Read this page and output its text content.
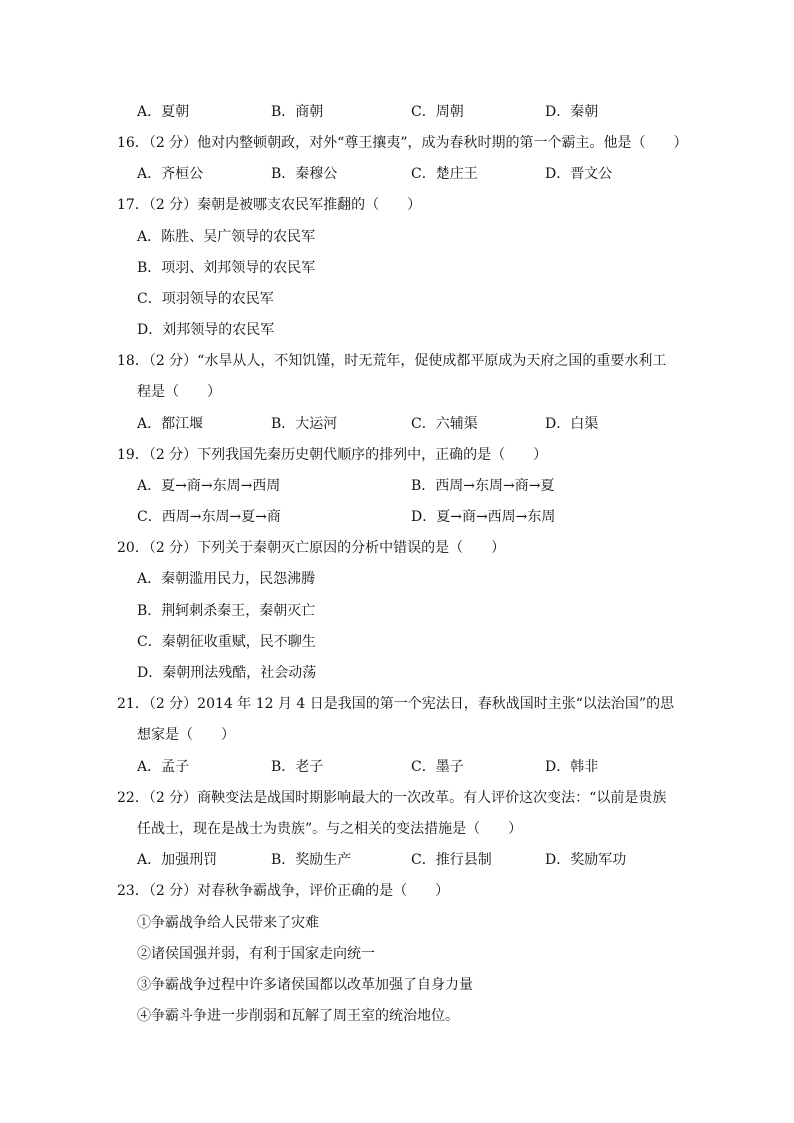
A．夏朝	B．商朝	C．周朝	D．秦朝
16．（2 分）他对内整顿朝政，对外“尊王攘夷”，成为春秋时期的第一个霸主。他是（　　）
A．齐桓公	B．秦穆公	C．楚庄王	D．晋文公
17．（2 分）秦朝是被哪支农民军推翻的（　　）
A．陈胜、吴广领导的农民军
B．项羽、刘邦领导的农民军
C．项羽领导的农民军
D．刘邦领导的农民军
18．（2 分）“水旱从人，不知饥馑，时无荒年，促使成都平原成为天府之国的重要水利工
程是（　　）
A．都江堰	B．大运河	C．六辅渠	D．白渠
19．（2 分）下列我国先秦历史朝代顺序的排列中，正确的是（　　）
A．夏→商→东周→西周	B．西周→东周→商→夏
C．西周→东周→夏→商	D．夏→商→西周→东周
20．（2 分）下列关于秦朝灭亡原因的分析中错误的是（　　）
A．秦朝滥用民力，民怨沸腾
B．荆轲刺杀秦王，秦朝灭亡
C．秦朝征收重赋，民不聊生
D．秦朝刑法残酷，社会动荡
21．（2 分）2014 年 12 月 4 日是我国的第一个宪法日，春秋战国时主张“以法治国”的思
想家是（　　）
A．孟子	B．老子	C．墨子	D．韩非
22．（2 分）商鞅变法是战国时期影响最大的一次改革。有人评价这次变法：“以前是贵族
任战士，现在是战士为贵族”。与之相关的变法措施是（　　）
A．加强刑罚	B．奖励生产	C．推行县制	D．奖励军功
23．（2 分）对春秋争霸战争，评价正确的是（　　）
①争霸战争给人民带来了灾难
②诸侯国强并弱，有利于国家走向统一
③争霸战争过程中许多诸侯国都以改革加强了自身力量
④争霸斗争进一步削弱和瓦解了周王室的统治地位。
